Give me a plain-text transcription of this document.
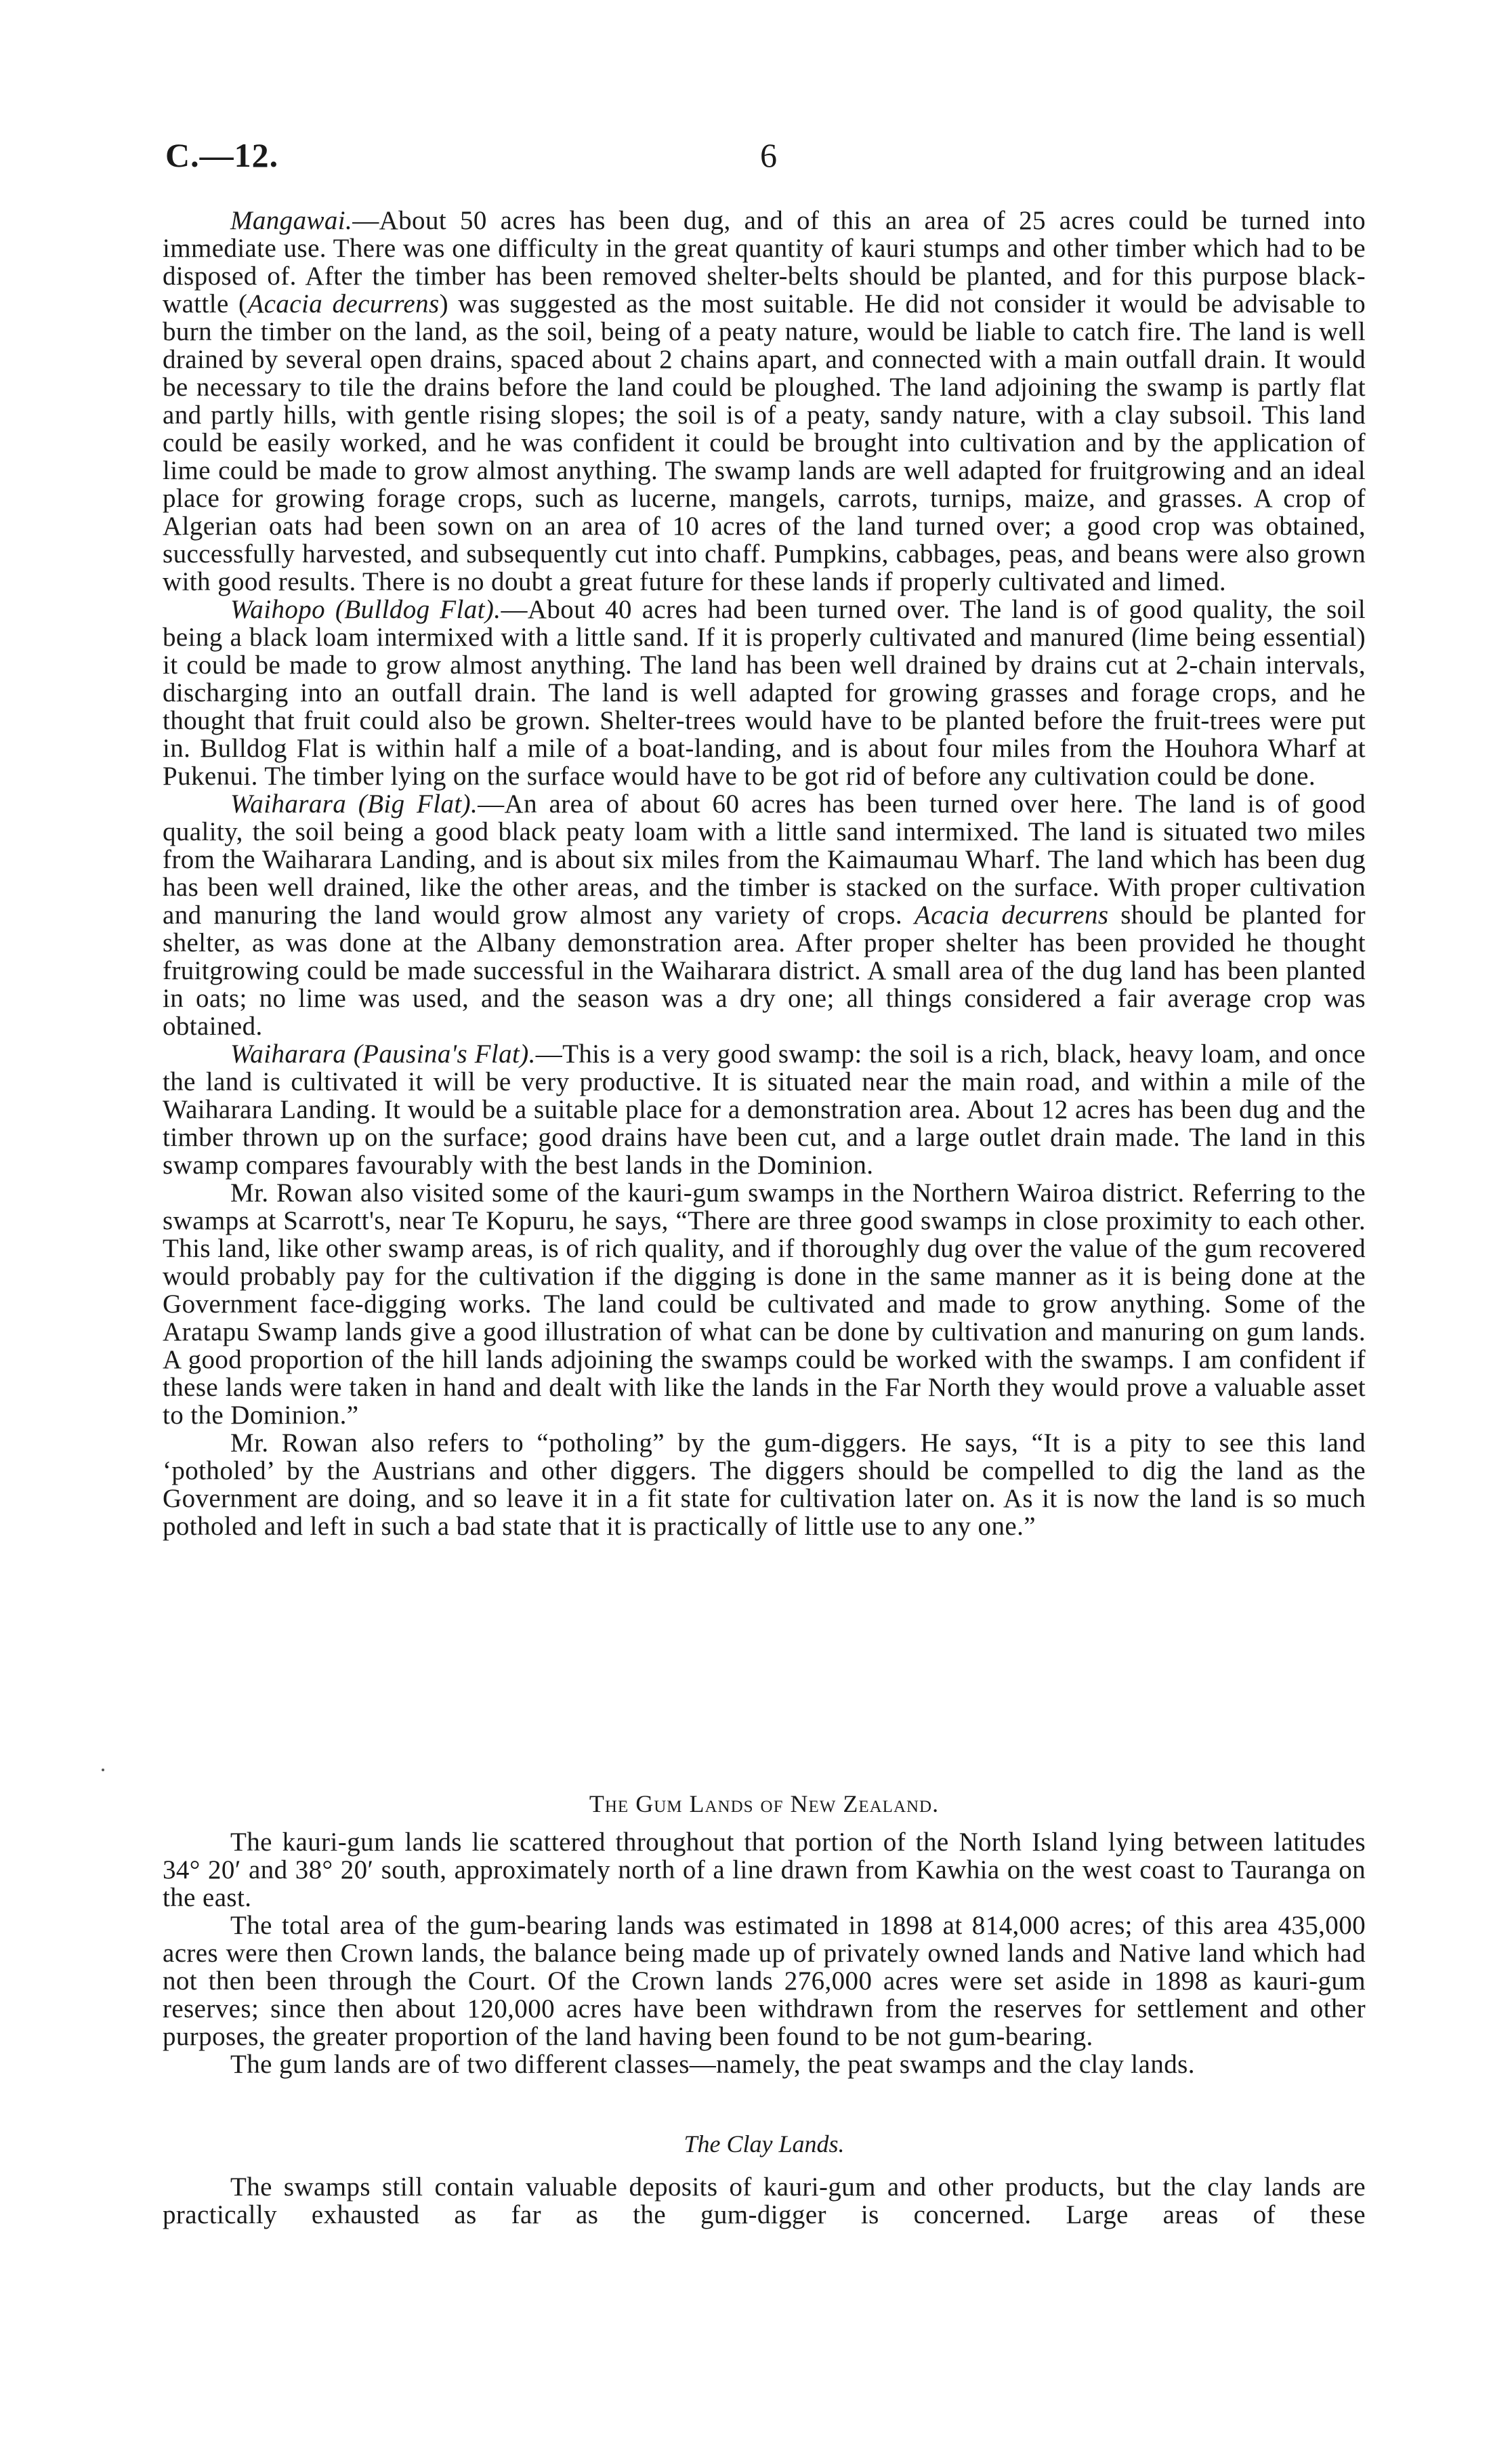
C.—12.	6

Mangawai.—About 50 acres has been dug, and of this an area of 25 acres could be turned into immediate use. There was one difficulty in the great quantity of kauri stumps and other timber which had to be disposed of. After the timber has been removed shelter-belts should be planted, and for this purpose black-wattle (Acacia decurrens) was suggested as the most suitable. He did not consider it would be advisable to burn the timber on the land, as the soil, being of a peaty nature, would be liable to catch fire. The land is well drained by several open drains, spaced about 2 chains apart, and connected with a main outfall drain. It would be necessary to tile the drains before the land could be ploughed. The land adjoining the swamp is partly flat and partly hills, with gentle rising slopes; the soil is of a peaty, sandy nature, with a clay subsoil. This land could be easily worked, and he was confident it could be brought into cultivation and by the application of lime could be made to grow almost anything. The swamp lands are well adapted for fruitgrowing and an ideal place for growing forage crops, such as lucerne, mangels, carrots, turnips, maize, and grasses. A crop of Algerian oats had been sown on an area of 10 acres of the land turned over; a good crop was obtained, successfully harvested, and subsequently cut into chaff. Pumpkins, cabbages, peas, and beans were also grown with good results. There is no doubt a great future for these lands if properly cultivated and limed.

Waihopo (Bulldog Flat).—About 40 acres had been turned over. The land is of good quality, the soil being a black loam intermixed with a little sand. If it is properly cultivated and manured (lime being essential) it could be made to grow almost anything. The land has been well drained by drains cut at 2-chain intervals, discharging into an outfall drain. The land is well adapted for growing grasses and forage crops, and he thought that fruit could also be grown. Shelter-trees would have to be planted before the fruit-trees were put in. Bulldog Flat is within half a mile of a boat-landing, and is about four miles from the Houhora Wharf at Pukenui. The timber lying on the surface would have to be got rid of before any cultivation could be done.

Waiharara (Big Flat).—An area of about 60 acres has been turned over here. The land is of good quality, the soil being a good black peaty loam with a little sand intermixed. The land is situated two miles from the Waiharara Landing, and is about six miles from the Kaimaumau Wharf. The land which has been dug has been well drained, like the other areas, and the timber is stacked on the surface. With proper cultivation and manuring the land would grow almost any variety of crops. Acacia decurrens should be planted for shelter, as was done at the Albany demonstration area. After proper shelter has been provided he thought fruitgrowing could be made successful in the Waiharara district. A small area of the dug land has been planted in oats; no lime was used, and the season was a dry one; all things considered a fair average crop was obtained.

Waiharara (Pausina's Flat).—This is a very good swamp: the soil is a rich, black, heavy loam, and once the land is cultivated it will be very productive. It is situated near the main road, and within a mile of the Waiharara Landing. It would be a suitable place for a demonstration area. About 12 acres has been dug and the timber thrown up on the surface; good drains have been cut, and a large outlet drain made. The land in this swamp compares favourably with the best lands in the Dominion.

Mr. Rowan also visited some of the kauri-gum swamps in the Northern Wairoa district. Referring to the swamps at Scarrott's, near Te Kopuru, he says, “There are three good swamps in close proximity to each other. This land, like other swamp areas, is of rich quality, and if thoroughly dug over the value of the gum recovered would probably pay for the cultivation if the digging is done in the same manner as it is being done at the Government face-digging works. The land could be cultivated and made to grow anything. Some of the Aratapu Swamp lands give a good illustration of what can be done by cultivation and manuring on gum lands. A good proportion of the hill lands adjoining the swamps could be worked with the swamps. I am confident if these lands were taken in hand and dealt with like the lands in the Far North they would prove a valuable asset to the Dominion.”

Mr. Rowan also refers to “potholing” by the gum-diggers. He says, “It is a pity to see this land ‘potholed’ by the Austrians and other diggers. The diggers should be compelled to dig the land as the Government are doing, and so leave it in a fit state for cultivation later on. As it is now the land is so much potholed and left in such a bad state that it is practically of little use to any one.”

The Gum Lands of New Zealand.

The kauri-gum lands lie scattered throughout that portion of the North Island lying between latitudes 34° 20′ and 38° 20′ south, approximately north of a line drawn from Kawhia on the west coast to Tauranga on the east.

The total area of the gum-bearing lands was estimated in 1898 at 814,000 acres; of this area 435,000 acres were then Crown lands, the balance being made up of privately owned lands and Native land which had not then been through the Court. Of the Crown lands 276,000 acres were set aside in 1898 as kauri-gum reserves; since then about 120,000 acres have been withdrawn from the reserves for settlement and other purposes, the greater proportion of the land having been found to be not gum-bearing.

The gum lands are of two different classes—namely, the peat swamps and the clay lands.

The Clay Lands.

The swamps still contain valuable deposits of kauri-gum and other products, but the clay lands are practically exhausted as far as the gum-digger is concerned. Large areas of these
